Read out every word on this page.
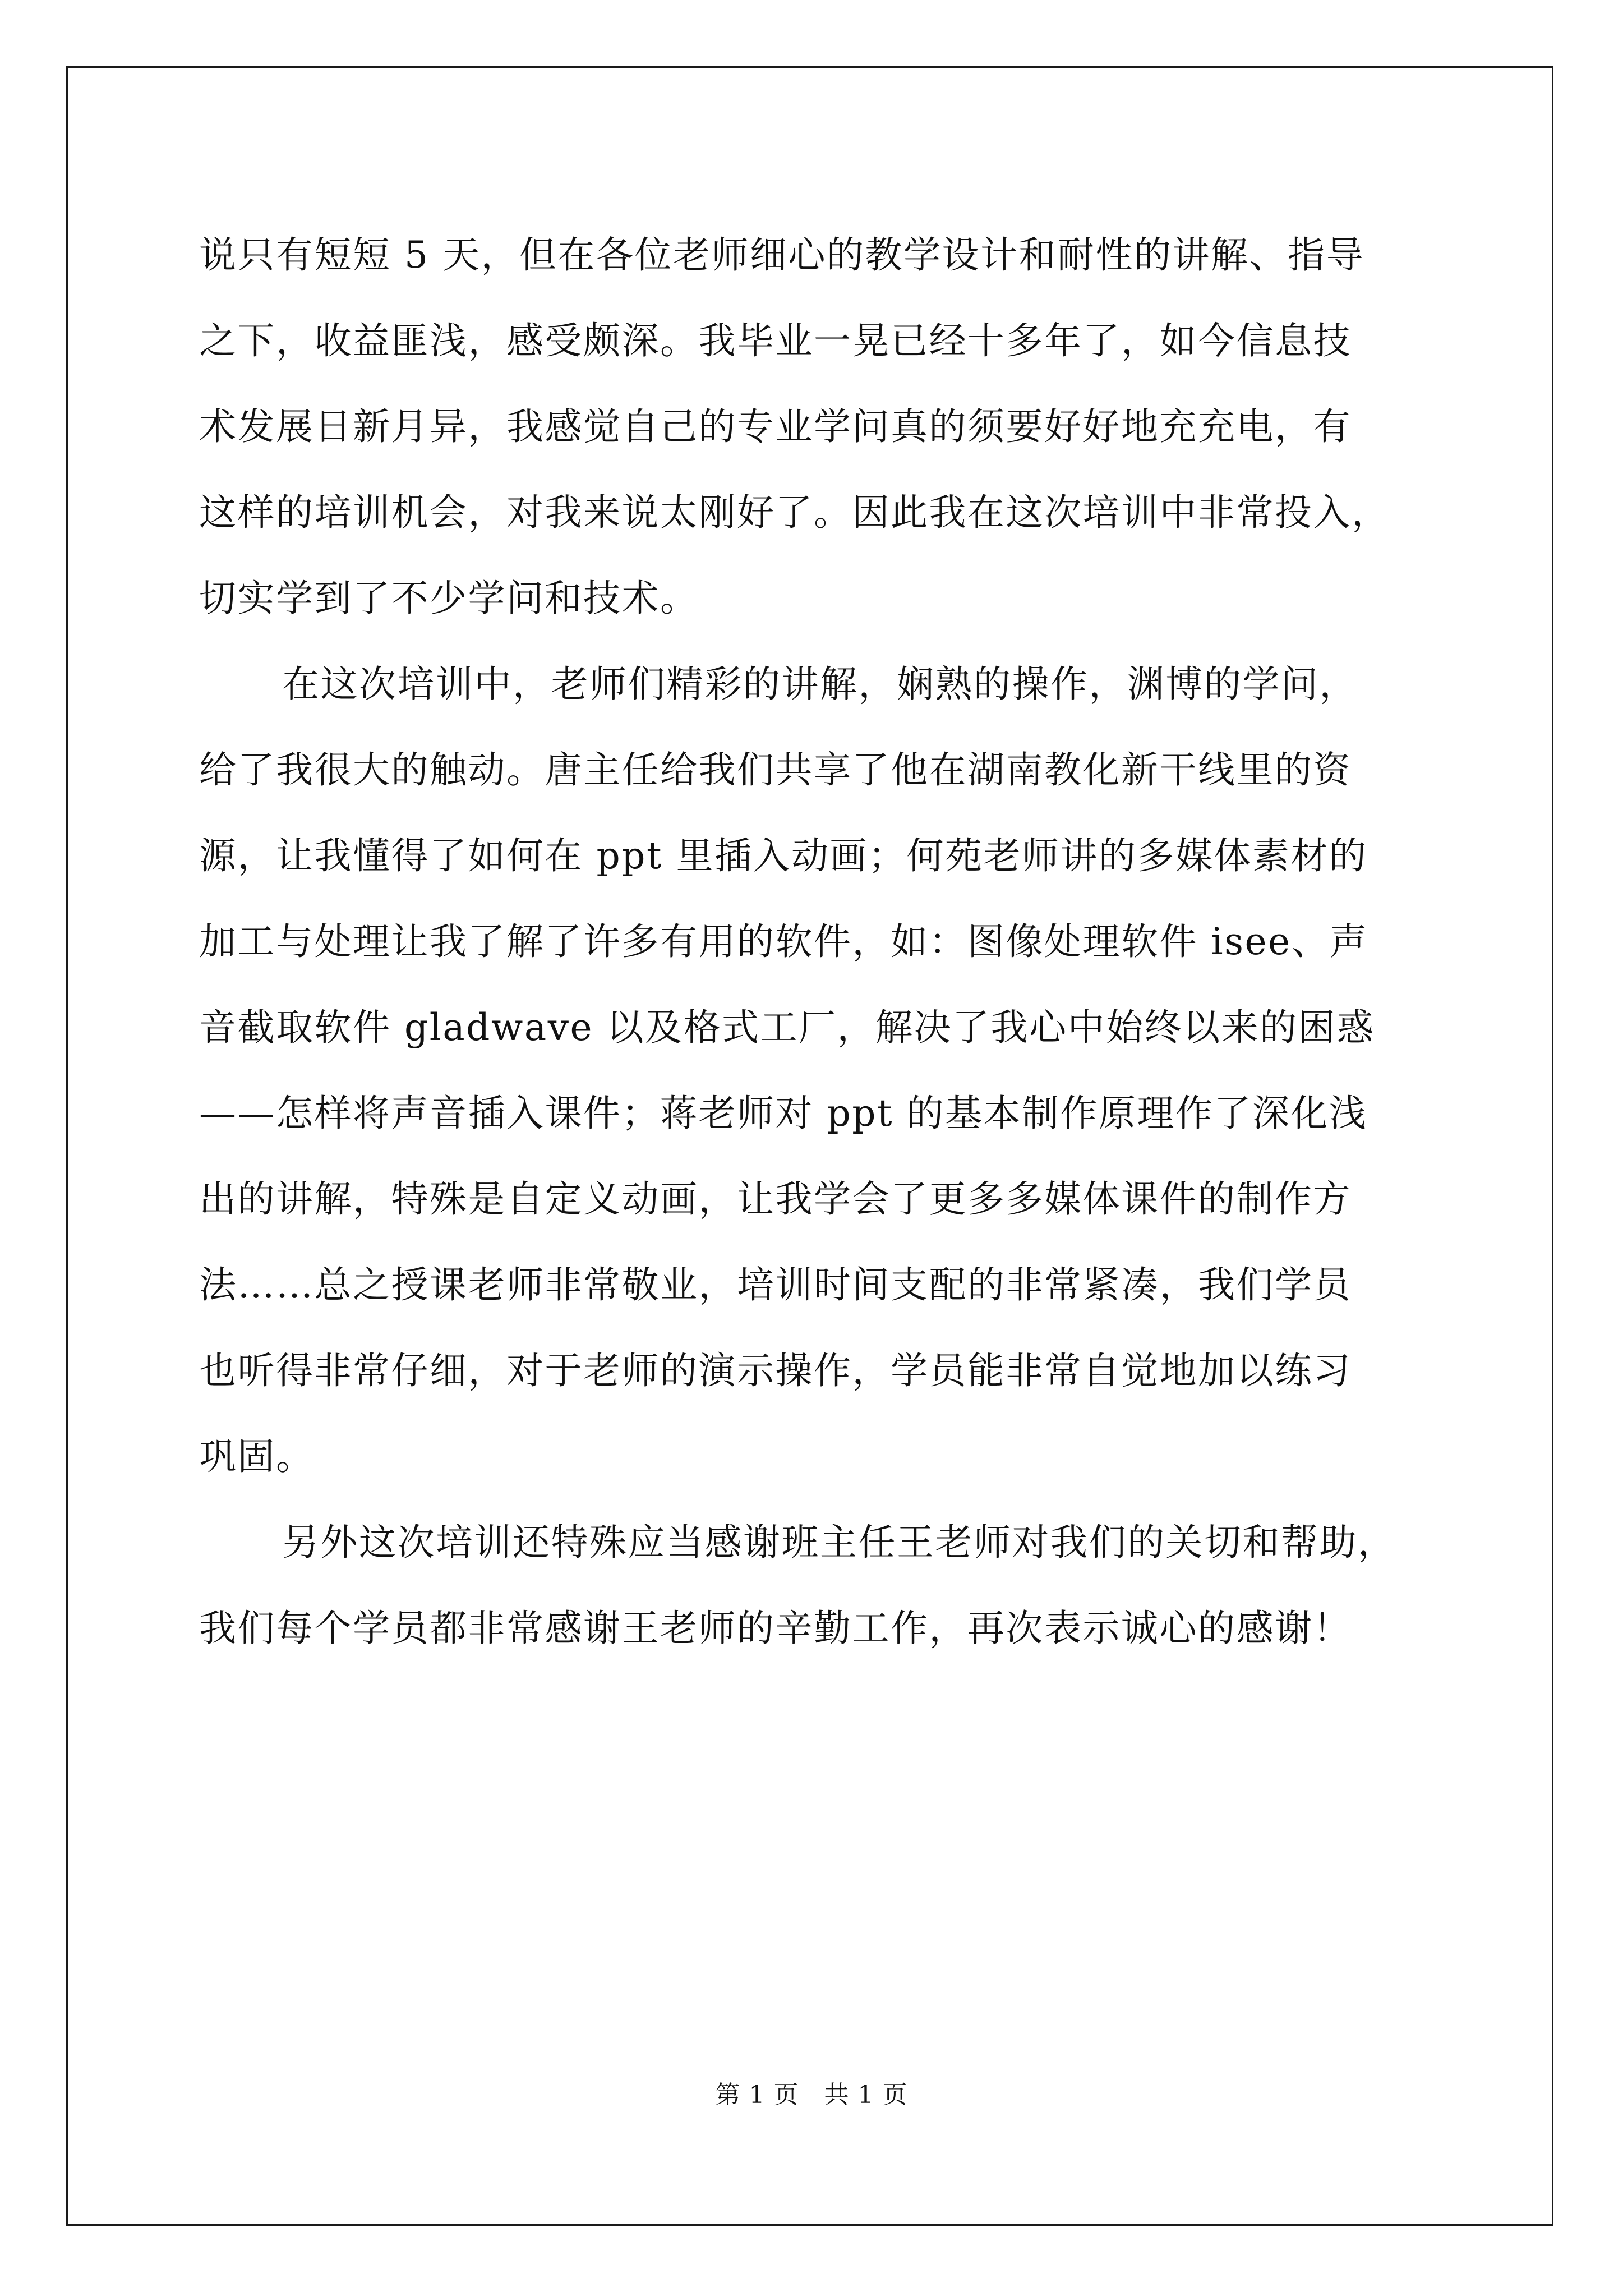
说只有短短 5 天，但在各位老师细心的教学设计和耐性的讲解、指导
之下，收益匪浅，感受颇深。我毕业一晃已经十多年了，如今信息技
术发展日新月异，我感觉自己的专业学问真的须要好好地充充电，有
这样的培训机会，对我来说太刚好了。因此我在这次培训中非常投入，
切实学到了不少学问和技术。
在这次培训中，老师们精彩的讲解，娴熟的操作，渊博的学问，
给了我很大的触动。唐主任给我们共享了他在湖南教化新干线里的资
源，让我懂得了如何在 ppt 里插入动画；何苑老师讲的多媒体素材的
加工与处理让我了解了许多有用的软件，如：图像处理软件 isee、声
音截取软件 gladwave 以及格式工厂，解决了我心中始终以来的困惑
——怎样将声音插入课件；蒋老师对 ppt 的基本制作原理作了深化浅
出的讲解，特殊是自定义动画，让我学会了更多多媒体课件的制作方
法……总之授课老师非常敬业，培训时间支配的非常紧凑，我们学员
也听得非常仔细，对于老师的演示操作，学员能非常自觉地加以练习
巩固。
另外这次培训还特殊应当感谢班主任王老师对我们的关切和帮助，
我们每个学员都非常感谢王老师的辛勤工作，再次表示诚心的感谢！
第 1 页　共 1 页
